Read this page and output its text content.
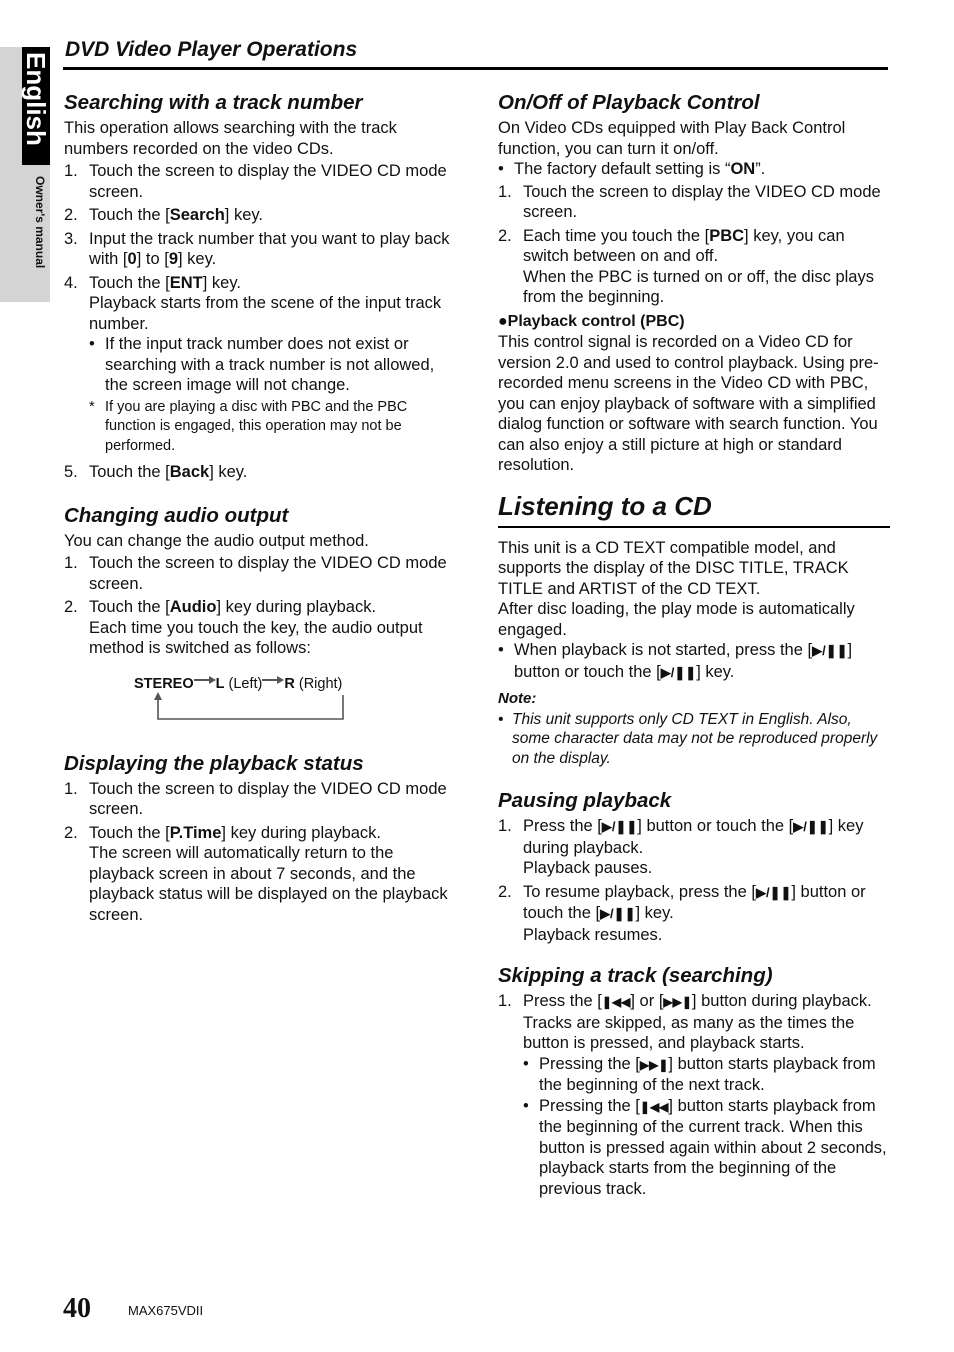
English
Owner's manual
DVD Video Player Operations
Searching with a track number

This operation allows searching with the track numbers recorded on the video CDs.

1. Touch the screen to display the VIDEO CD mode screen.
2. Touch the [Search] key.
3. Input the track number that you want to play back with [0] to [9] key.
4. Touch the [ENT] key.
Playback starts from the scene of the input track number.
• If the input track number does not exist or searching with a track number is not allowed, the screen image will not change.
* If you are playing a disc with PBC and the PBC function is engaged, this operation may not be performed.
5. Touch the [Back] key.
Changing audio output

You can change the audio output method.

1. Touch the screen to display the VIDEO CD mode screen.
2. Touch the [Audio] key during playback.
Each time you touch the key, the audio output method is switched as follows:
STEREO L (Left) R (Right)
Displaying the playback status
1. Touch the screen to display the VIDEO CD mode screen.
2. Touch the [P.Time] key during playback.
The screen will automatically return to the playback screen in about 7 seconds, and the playback status will be displayed on the playback screen.
On/Off of Playback Control

On Video CDs equipped with Play Back Control function, you can turn it on/off.

• The factory default setting is “ON”.
1. Touch the screen to display the VIDEO CD mode screen.
2. Each time you touch the [PBC] key, you can switch between on and off.
When the PBC is turned on or off, the disc plays from the beginning.
●Playback control (PBC)

This control signal is recorded on a Video CD for version 2.0 and used to control playback. Using pre-recorded menu screens in the Video CD with PBC, you can enjoy playback of software with a simplified dialog function or software with search function. You can also enjoy a still picture at high or standard resolution.

Listening to a CD

This unit is a CD TEXT compatible model, and supports the display of the DISC TITLE, TRACK TITLE and ARTIST of the CD TEXT.

After disc loading, the play mode is automatically engaged.

• When playback is not started, press the [▶/❚❚] button or touch the [▶/❚❚] key.
Note:
• This unit supports only CD TEXT in English. Also, some character data may not be reproduced properly on the display.
Pausing playback
1. Press the [▶/❚❚] button or touch the [▶/❚❚] key during playback.
Playback pauses.
2. To resume playback, press the [▶/❚❚] button or touch the [▶/❚❚] key.
Playback resumes.
Skipping a track (searching)
1. Press the [❚◀◀] or [▶▶❚] button during playback.
Tracks are skipped, as many as the times the button is pressed, and playback starts.
• Pressing the [▶▶❚] button starts playback from the beginning of the next track.
• Pressing the [❚◀◀] button starts playback from the beginning of the current track. When this button is pressed again within about 2 seconds, playback starts from the beginning of the previous track.
40	MAX675VDII
